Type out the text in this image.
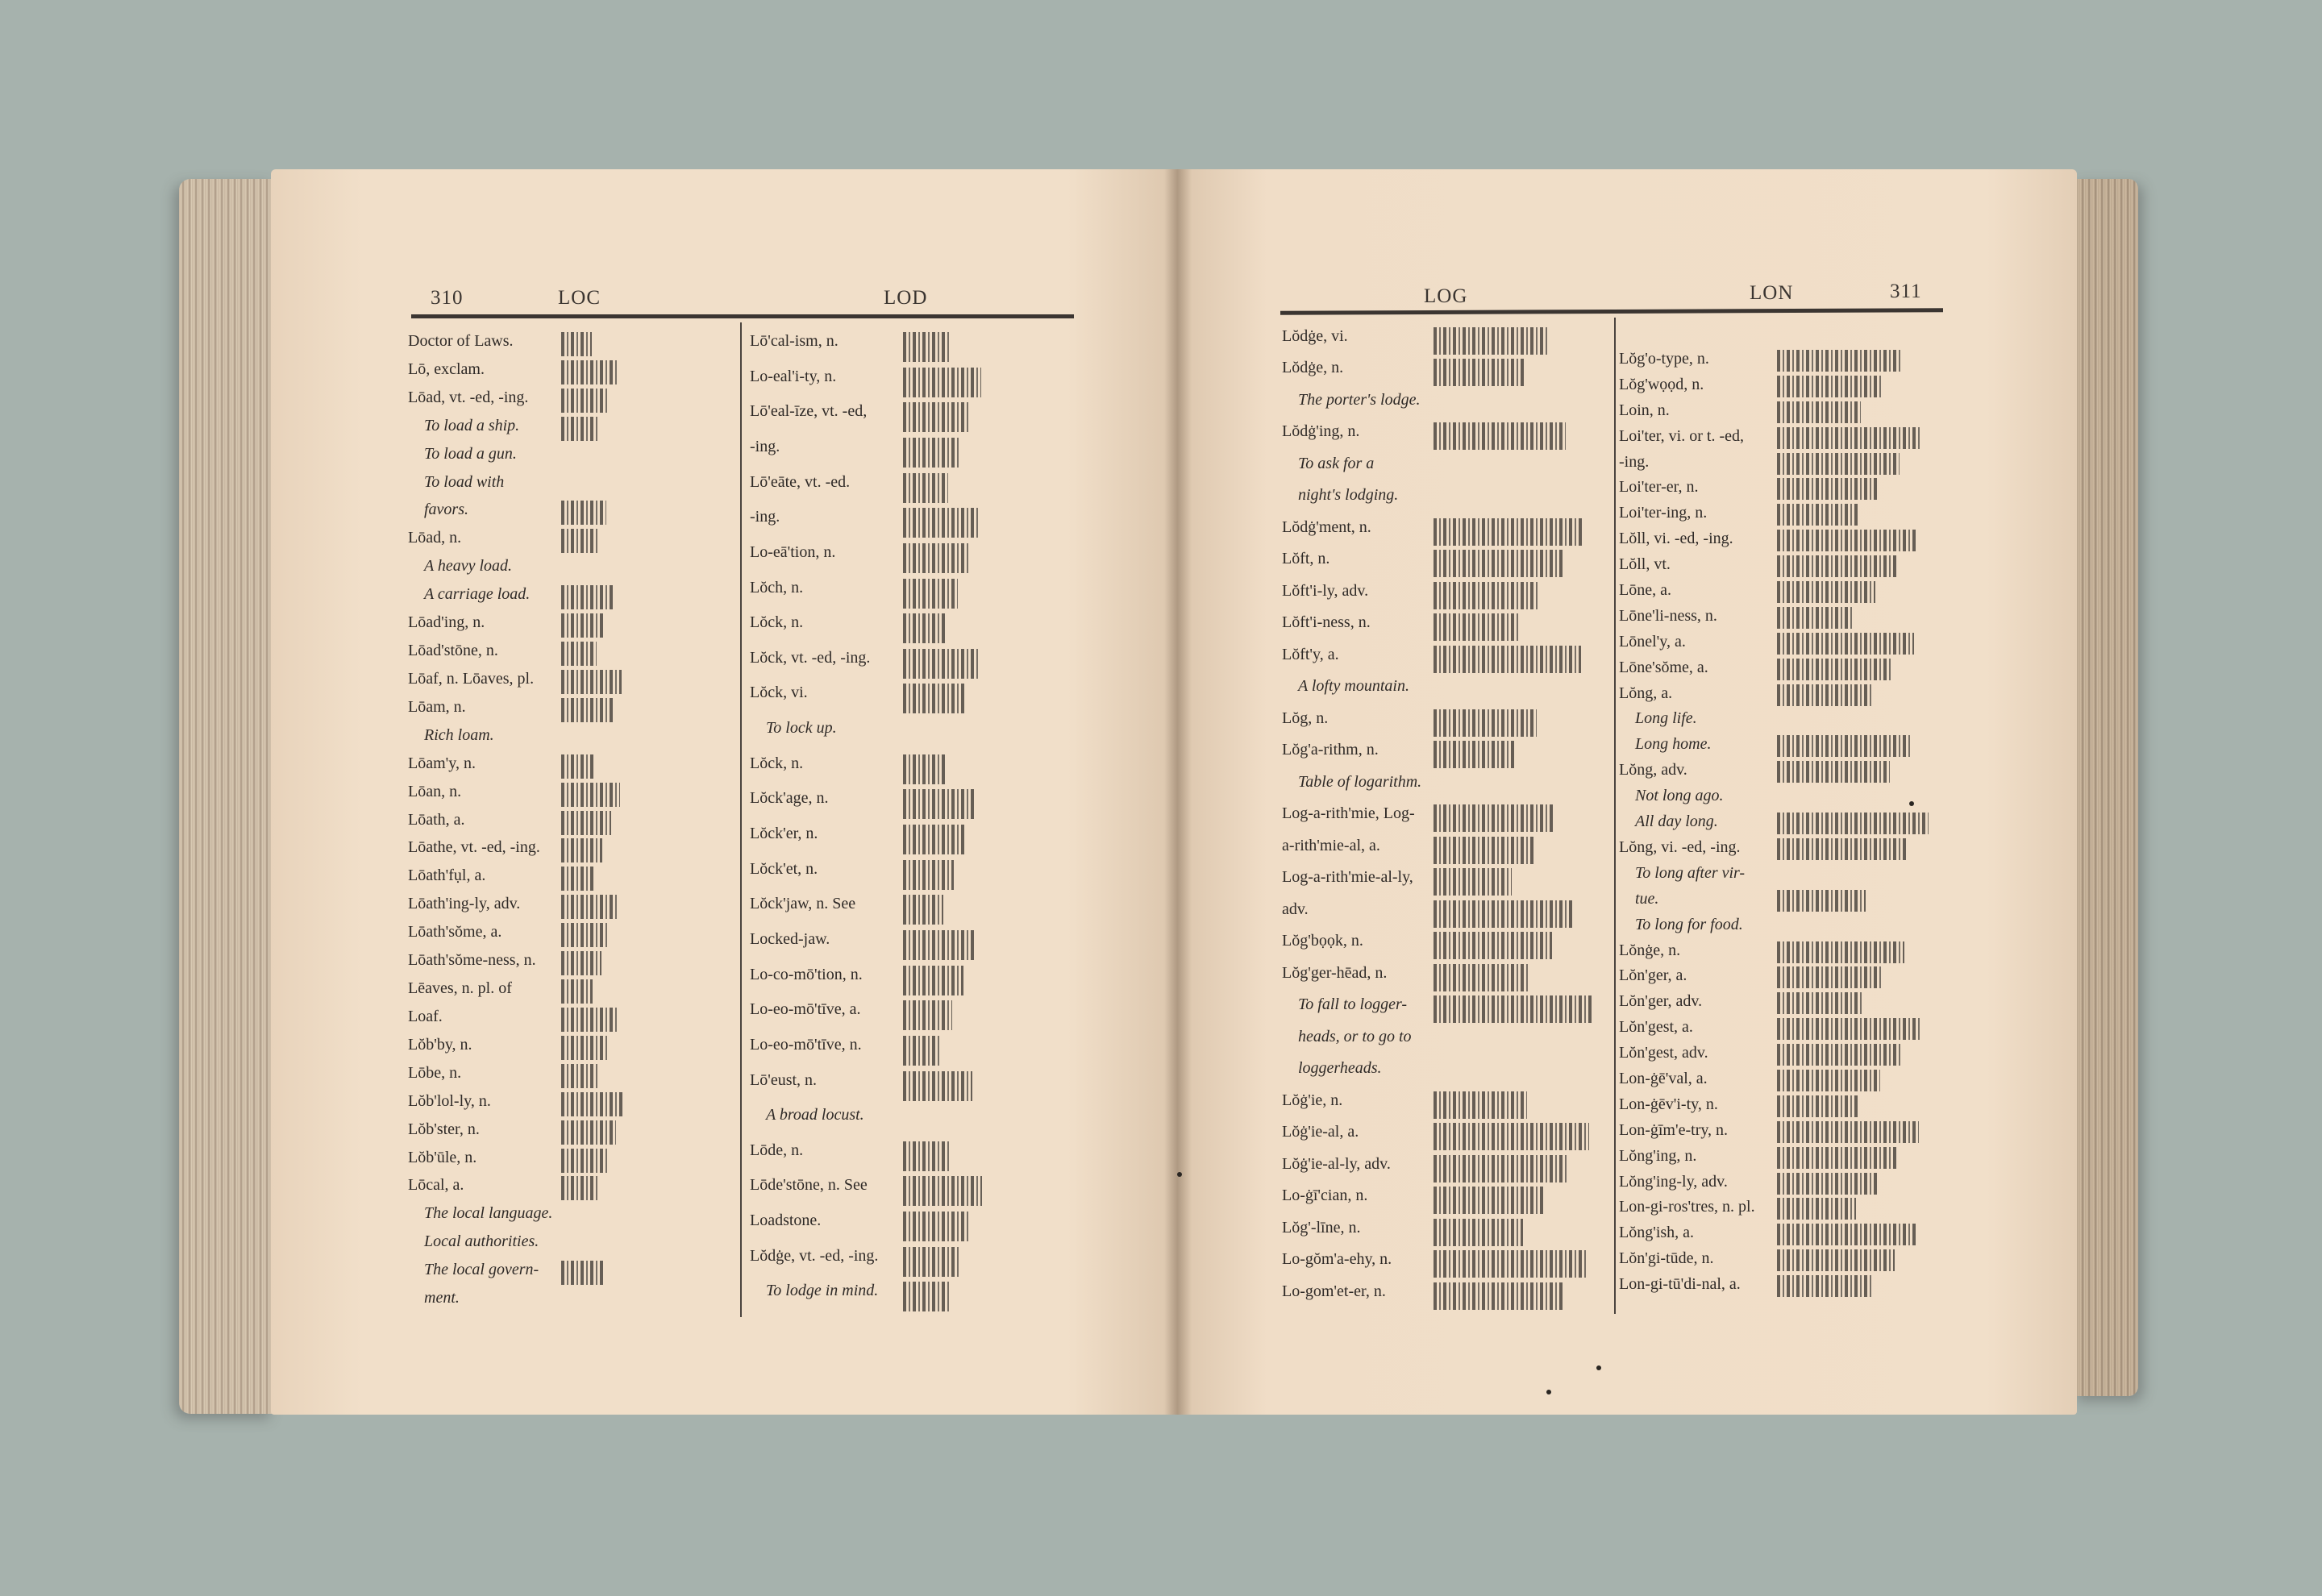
310	LOC	LOD	LOG	LON	311
Doctor of Laws.
Lō, exclam.
Lōad, vt. -ed, -ing.
To load a ship.
To load a gun.
To load with
favors.
Lōad, n.
A heavy load.
A carriage load.
Lōad'ing, n.
Lōad'stōne, n.
Lōaf, n. Lōaves, pl.
Lōam, n.
Rich loam.
Lōam'y, n.
Lōan, n.
Lōath, a.
Lōathe, vt. -ed, -ing.
Lōath'fụl, a.
Lōath'ing-ly, adv.
Lōath'sŏme, a.
Lōath'sŏme-ness, n.
Lēaves, n. pl. of
Loaf.
Lŏb'by, n.
Lōbe, n.
Lŏb'lol-ly, n.
Lŏb'ster, n.
Lŏb'ūle, n.
Lōcal, a.
The local language.
Local authorities.
The local govern-
ment.
Lō'cal-ism, n.
Lo-eal'i-ty, n.
Lō'eal-īze, vt. -ed,
-ing.
Lō'eāte, vt. -ed.
-ing.
Lo-eā'tion, n.
Lŏch, n.
Lŏck, n.
Lŏck, vt. -ed, -ing.
Lŏck, vi.
To lock up.
Lŏck, n.
Lŏck'age, n.
Lŏck'er, n.
Lŏck'et, n.
Lŏck'jaw, n. See
Locked-jaw.
Lo-co-mō'tion, n.
Lo-eo-mō'tīve, a.
Lo-eo-mō'tīve, n.
Lō'eust, n.
A broad locust.
Lōde, n.
Lōde'stōne, n. See
Loadstone.
Lŏdġe, vt. -ed, -ing.
To lodge in mind.
Lŏdġe, vi.
Lŏdġe, n.
The porter's lodge.
Lŏdġ'ing, n.
To ask for a
night's lodging.
Lŏdġ'ment, n.
Lŏft, n.
Lŏft'i-ly, adv.
Lŏft'i-ness, n.
Lŏft'y, a.
A lofty mountain.
Lŏg, n.
Lŏg'a-rithm, n.
Table of logarithm.
Log-a-rith'mie, Log-
a-rith'mie-al, a.
Log-a-rith'mie-al-ly,
adv.
Lŏg'bọọk, n.
Lŏg'ger-hēad, n.
To fall to logger-
heads, or to go to
loggerheads.
Lŏġ'ie, n.
Lŏġ'ie-al, a.
Lŏġ'ie-al-ly, adv.
Lo-ġī'cian, n.
Lŏg'-līne, n.
Lo-gŏm'a-ehy, n.
Lo-gom'et-er, n.
Lŏg'o-type, n.
Lŏg'wọọd, n.
Loin, n.
Loi'ter, vi. or t. -ed,
-ing.
Loi'ter-er, n.
Loi'ter-ing, n.
Lŏll, vi. -ed, -ing.
Lŏll, vt.
Lōne, a.
Lōne'li-ness, n.
Lōnel'y, a.
Lōne'sŏme, a.
Lŏng, a.
Long life.
Long home.
Lŏng, adv.
Not long ago.
All day long.
Lŏng, vi. -ed, -ing.
To long after vir-
tue.
To long for food.
Lŏnġe, n.
Lŏn'ger, a.
Lŏn'ger, adv.
Lŏn'gest, a.
Lŏn'gest, adv.
Lon-ġē'val, a.
Lon-ġēv'i-ty, n.
Lon-ġīm'e-try, n.
Lŏng'ing, n.
Lŏng'ing-ly, adv.
Lon-gi-ros'tres, n. pl.
Lŏng'ish, a.
Lŏn'gi-tūde, n.
Lon-gi-tū'di-nal, a.
